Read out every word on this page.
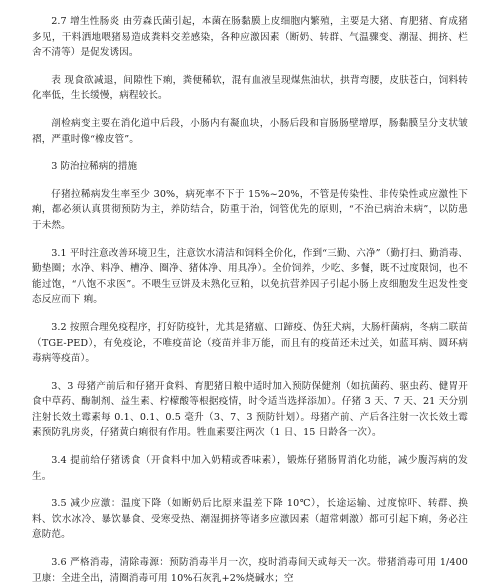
2.7 增生性肠炎 由劳森氏菌引起，本菌在肠黏膜上皮细胞内繁殖，主要是大猪、育肥猪、育成猪多见，干料洒地喂猪易造成粪料交差感染，各种应激因素（断奶、转群、气温骤变、潮湿、拥挤、栏舍不清等）是促发诱因。

表 现食欲减退，间隙性下痢，粪便稀软，混有血液呈现煤焦油状，拱背弯腰，皮肤苍白，饲料转化率低，生长缓慢，病程较长。

剖检病变主要在消化道中后段，小肠内有凝血块，小肠后段和盲肠肠壁增厚，肠黏膜呈分支状皱褶，严重时像“橡皮管”。

3 防治拉稀病的措施

仔猪拉稀病发生率至少 30%，病死率不下于 15%~20%，不管是传染性、非传染性或应激性下痢，都必须认真贯彻预防为主，养防结合，防重于治，饲管优先的原则，“不治已病治未病”，以防患于未然。

3.1 平时注意改善环境卫生，注意饮水清洁和饲料全价化，作到“三勤、六净”（勤打扫、勤消毒、勤垫圈；水净、料净、槽净、圈净、猪体净、用具净）。全价饲养，少吃、多餐，既不过度限饲，也不能过饱，“八饱不求医”。不喂生豆饼及未熟化豆粕，以免抗营养因子引起小肠上皮细胞发生迟发性变态反应而下 痢。

3.2 按照合理免疫程序，打好防疫针，尤其是猪瘟、口蹄疫、伪狂犬病，大肠杆菌病，冬病二联苗（TGE-PED），有免疫论，不唯疫苗论（疫苗并非万能，而且有的疫苗还未过关，如蓝耳病、圆环病毒病等疫苗）。

3、3 母猪产前后和仔猪开食料、育肥猪日粮中适时加入预防保健剂（如抗菌药、驱虫药、健胃开食中草药、酶制剂、益生素、柠檬酸等根据疫情，时令适当选择添加）。仔猪 3 天、7 天、21 天分别注射长效土霉素每 0.1、0.1、0.5 毫升（3、7、3 预防针划）。母猪产前、产后各注射一次长效土霉素预防乳房炎，仔猪黄白痢很有作用。牲血素要注两次（1 日、15 日龄各一次）。

3.4 提前给仔猪诱食（开食料中加入奶精或香味素），锻炼仔猪肠胃消化功能，减少腹泻病的发生。

3.5 减少应激：温度下降（如断奶后比原来温差下降 10℃），长途运输、过度惊吓、转群、换料、饮水冰冷、暴饮暴食、受寒受热、潮湿拥挤等诸多应激因素（超常刺激）都可引起下痢，务必注意防范。

3.6 严格消毒，清除毒源：预防消毒半月一次，疫时消毒间天或每天一次。带猪消毒可用 1/400 卫康：全进全出，清圈消毒可用 10%石灰乳+2%烧碱水；空
